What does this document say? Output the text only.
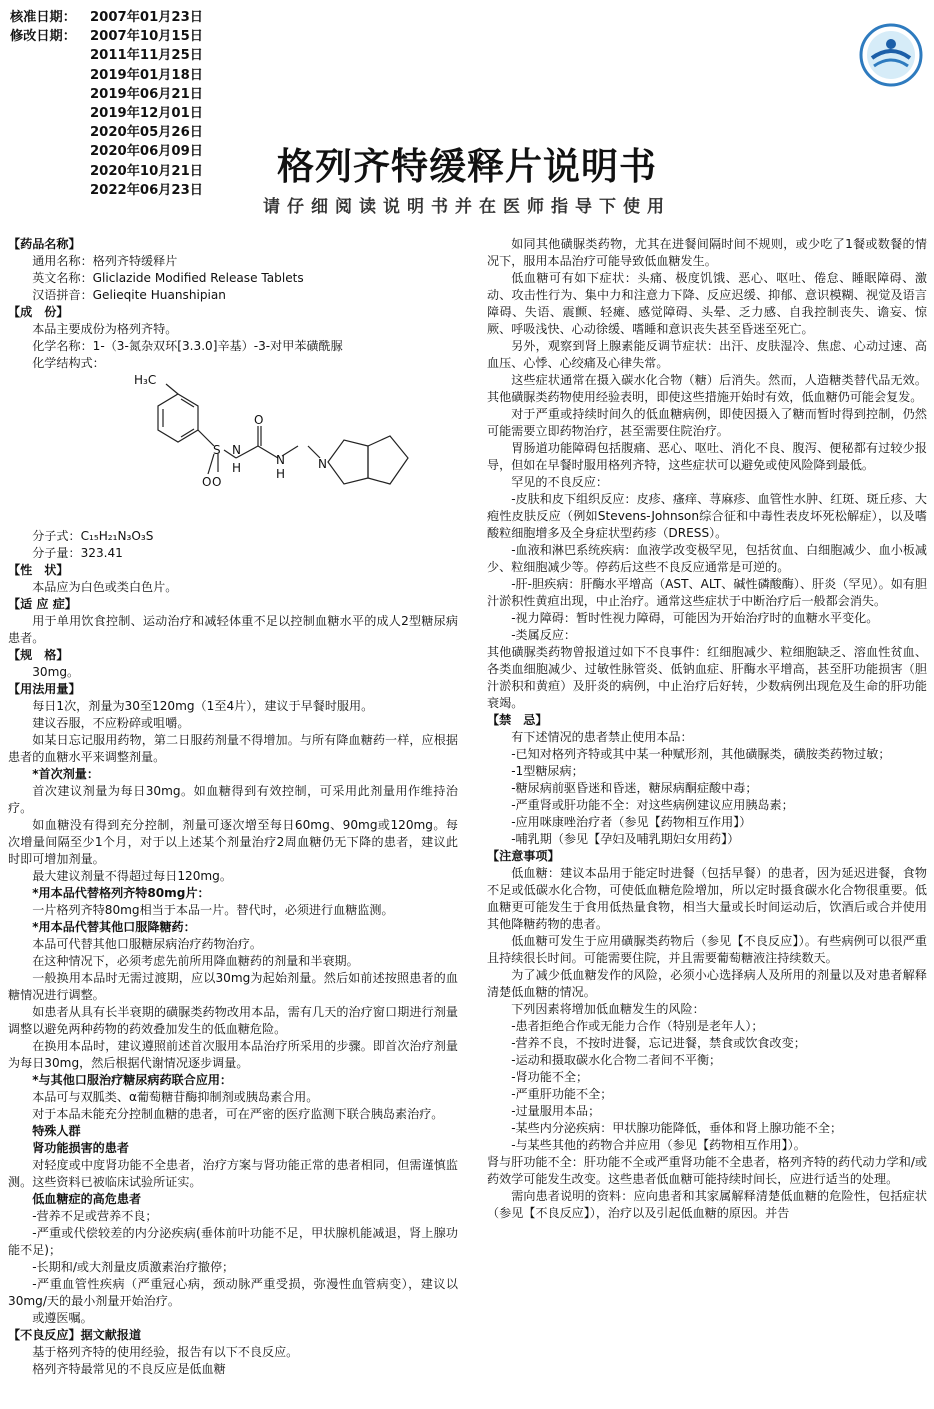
核准日期：	2007年01月23日
修改日期：	2007年10月15日
2011年11月25日
2019年01月18日
2019年06月21日
2019年12月01日
2020年05月26日
2020年06月09日
2020年10月21日
2022年06月23日
格列齐特缓释片说明书
请仔细阅读说明书并在医师指导下使用

【药品名称】

通用名称：格列齐特缓释片

英文名称：Gliclazide Modified Release Tablets

汉语拼音：Gelieqite Huanshipian

【成　份】

本品主要成份为格列齐特。

化学名称：1-（3-氮杂双环[3.3.0]辛基）-3-对甲苯磺酰脲

化学结构式：

H₃C
S
O
O
O
N
H
N
H
N

分子式：C₁₅H₂₁N₃O₃S

分子量：323.41

【性　状】

本品应为白色或类白色片。

【适 应 症】

用于单用饮食控制、运动治疗和减轻体重不足以控制血糖水平的成人2型糖尿病患者。

【规　格】

30mg。

【用法用量】

每日1次，剂量为30至120mg（1至4片），建议于早餐时服用。

建议吞服，不应粉碎或咀嚼。

如某日忘记服用药物，第二日服药剂量不得增加。与所有降血糖药一样，应根据患者的血糖水平来调整剂量。

*首次剂量：

首次建议剂量为每日30mg。如血糖得到有效控制，可采用此剂量用作维持治疗。

如血糖没有得到充分控制，剂量可逐次增至每日60mg、90mg或120mg。每次增量间隔至少1个月，对于以上述某个剂量治疗2周血糖仍无下降的患者，建议此时即可增加剂量。

最大建议剂量不得超过每日120mg。

*用本品代替格列齐特80mg片：

一片格列齐特80mg相当于本品一片。替代时，必须进行血糖监测。

*用本品代替其他口服降糖药：

本品可代替其他口服糖尿病治疗药物治疗。

在这种情况下，必须考虑先前所用降血糖药的剂量和半衰期。

一般换用本品时无需过渡期，应以30mg为起始剂量。然后如前述按照患者的血糖情况进行调整。

如患者从具有长半衰期的磺脲类药物改用本品，需有几天的治疗窗口期进行剂量调整以避免两种药物的药效叠加发生的低血糖危险。

在换用本品时，建议遵照前述首次服用本品治疗所采用的步骤。即首次治疗剂量为每日30mg，然后根据代谢情况逐步调量。

*与其他口服治疗糖尿病药联合应用：

本品可与双胍类、α葡萄糖苷酶抑制剂或胰岛素合用。

对于本品未能充分控制血糖的患者，可在严密的医疗监测下联合胰岛素治疗。

特殊人群

肾功能损害的患者

对轻度或中度肾功能不全患者，治疗方案与肾功能正常的患者相同，但需谨慎监测。这些资料已被临床试验所证实。

低血糖症的高危患者

-营养不足或营养不良；

-严重或代偿较差的内分泌疾病(垂体前叶功能不足，甲状腺机能减退，肾上腺功能不足)；

-长期和/或大剂量皮质激素治疗撤停；

-严重血管性疾病（严重冠心病，颈动脉严重受损，弥漫性血管病变），建议以30mg/天的最小剂量开始治疗。

或遵医嘱。

【不良反应】据文献报道

基于格列齐特的使用经验，报告有以下不良反应。

格列齐特最常见的不良反应是低血糖

如同其他磺脲类药物，尤其在进餐间隔时间不规则，或少吃了1餐或数餐的情况下，服用本品治疗可能导致低血糖发生。

低血糖可有如下症状：头痛、极度饥饿、恶心、呕吐、倦怠、睡眠障碍、激动、攻击性行为、集中力和注意力下降、反应迟缓、抑郁、意识模糊、视觉及语言障碍、失语、震颤、轻瘫、感觉障碍、头晕、乏力感、自我控制丧失、谵妄、惊厥、呼吸浅快、心动徐缓、嗜睡和意识丧失甚至昏迷至死亡。

另外，观察到肾上腺素能反调节症状：出汗、皮肤湿冷、焦虑、心动过速、高血压、心悸、心绞痛及心律失常。

这些症状通常在摄入碳水化合物（糖）后消失。然而，人造糖类替代品无效。其他磺脲类药物使用经验表明，即使这些措施开始时有效，低血糖仍可能会复发。

对于严重或持续时间久的低血糖病例，即使因摄入了糖而暂时得到控制，仍然可能需要立即药物治疗，甚至需要住院治疗。

胃肠道功能障碍包括腹痛、恶心、呕吐、消化不良、腹泻、便秘都有过较少报导，但如在早餐时服用格列齐特，这些症状可以避免或使风险降到最低。

罕见的不良反应：

-皮肤和皮下组织反应：皮疹、瘙痒、荨麻疹、血管性水肿、红斑、斑丘疹、大疱性皮肤反应（例如Stevens-Johnson综合征和中毒性表皮坏死松解症），以及嗜酸粒细胞增多及全身症状型药疹（DRESS）。

-血液和淋巴系统疾病：血液学改变极罕见，包括贫血、白细胞减少、血小板减少、粒细胞减少等。停药后这些不良反应通常是可逆的。

-肝-胆疾病：肝酶水平增高（AST、ALT、碱性磷酸酶）、肝炎（罕见）。如有胆汁淤积性黄疸出现，中止治疗。通常这些症状于中断治疗后一般都会消失。

-视力障碍：暂时性视力障碍，可能因为开始治疗时的血糖水平变化。

-类属反应：

其他磺脲类药物曾报道过如下不良事件：红细胞减少、粒细胞缺乏、溶血性贫血、各类血细胞减少、过敏性脉管炎、低钠血症、肝酶水平增高，甚至肝功能损害（胆汁淤积和黄疸）及肝炎的病例，中止治疗后好转，少数病例出现危及生命的肝功能衰竭。

【禁　忌】

有下述情况的患者禁止使用本品：

-已知对格列齐特或其中某一种赋形剂，其他磺脲类，磺胺类药物过敏；

-1型糖尿病；

-糖尿病前驱昏迷和昏迷，糖尿病酮症酸中毒；

-严重肾或肝功能不全：对这些病例建议应用胰岛素；

-应用咪康唑治疗者（参见【药物相互作用】）

-哺乳期（参见【孕妇及哺乳期妇女用药】）

【注意事项】

低血糖：建议本品用于能定时进餐（包括早餐）的患者，因为延迟进餐，食物不足或低碳水化合物，可使低血糖危险增加，所以定时摄食碳水化合物很重要。低血糖更可能发生于食用低热量食物，相当大量或长时间运动后，饮酒后或合并使用其他降糖药物的患者。

低血糖可发生于应用磺脲类药物后（参见【不良反应】）。有些病例可以很严重且持续很长时间。可能需要住院，并且需要葡萄糖液注持续数天。

为了减少低血糖发作的风险，必须小心选择病人及所用的剂量以及对患者解释清楚低血糖的情况。

下列因素将增加低血糖发生的风险：

-患者拒绝合作或无能力合作（特别是老年人）；

-营养不良，不按时进餐，忘记进餐，禁食或饮食改变；

-运动和摄取碳水化合物二者间不平衡；

-肾功能不全；

-严重肝功能不全；

-过量服用本品；

-某些内分泌疾病：甲状腺功能降低，垂体和肾上腺功能不全；

-与某些其他的药物合并应用（参见【药物相互作用】）。

肾与肝功能不全：肝功能不全或严重肾功能不全患者，格列齐特的药代动力学和/或药效学可能发生改变。这些患者低血糖可能持续时间长，应进行适当的处理。

需向患者说明的资料：应向患者和其家属解释清楚低血糖的危险性，包括症状（参见【不良反应】），治疗以及引起低血糖的原因。并告
